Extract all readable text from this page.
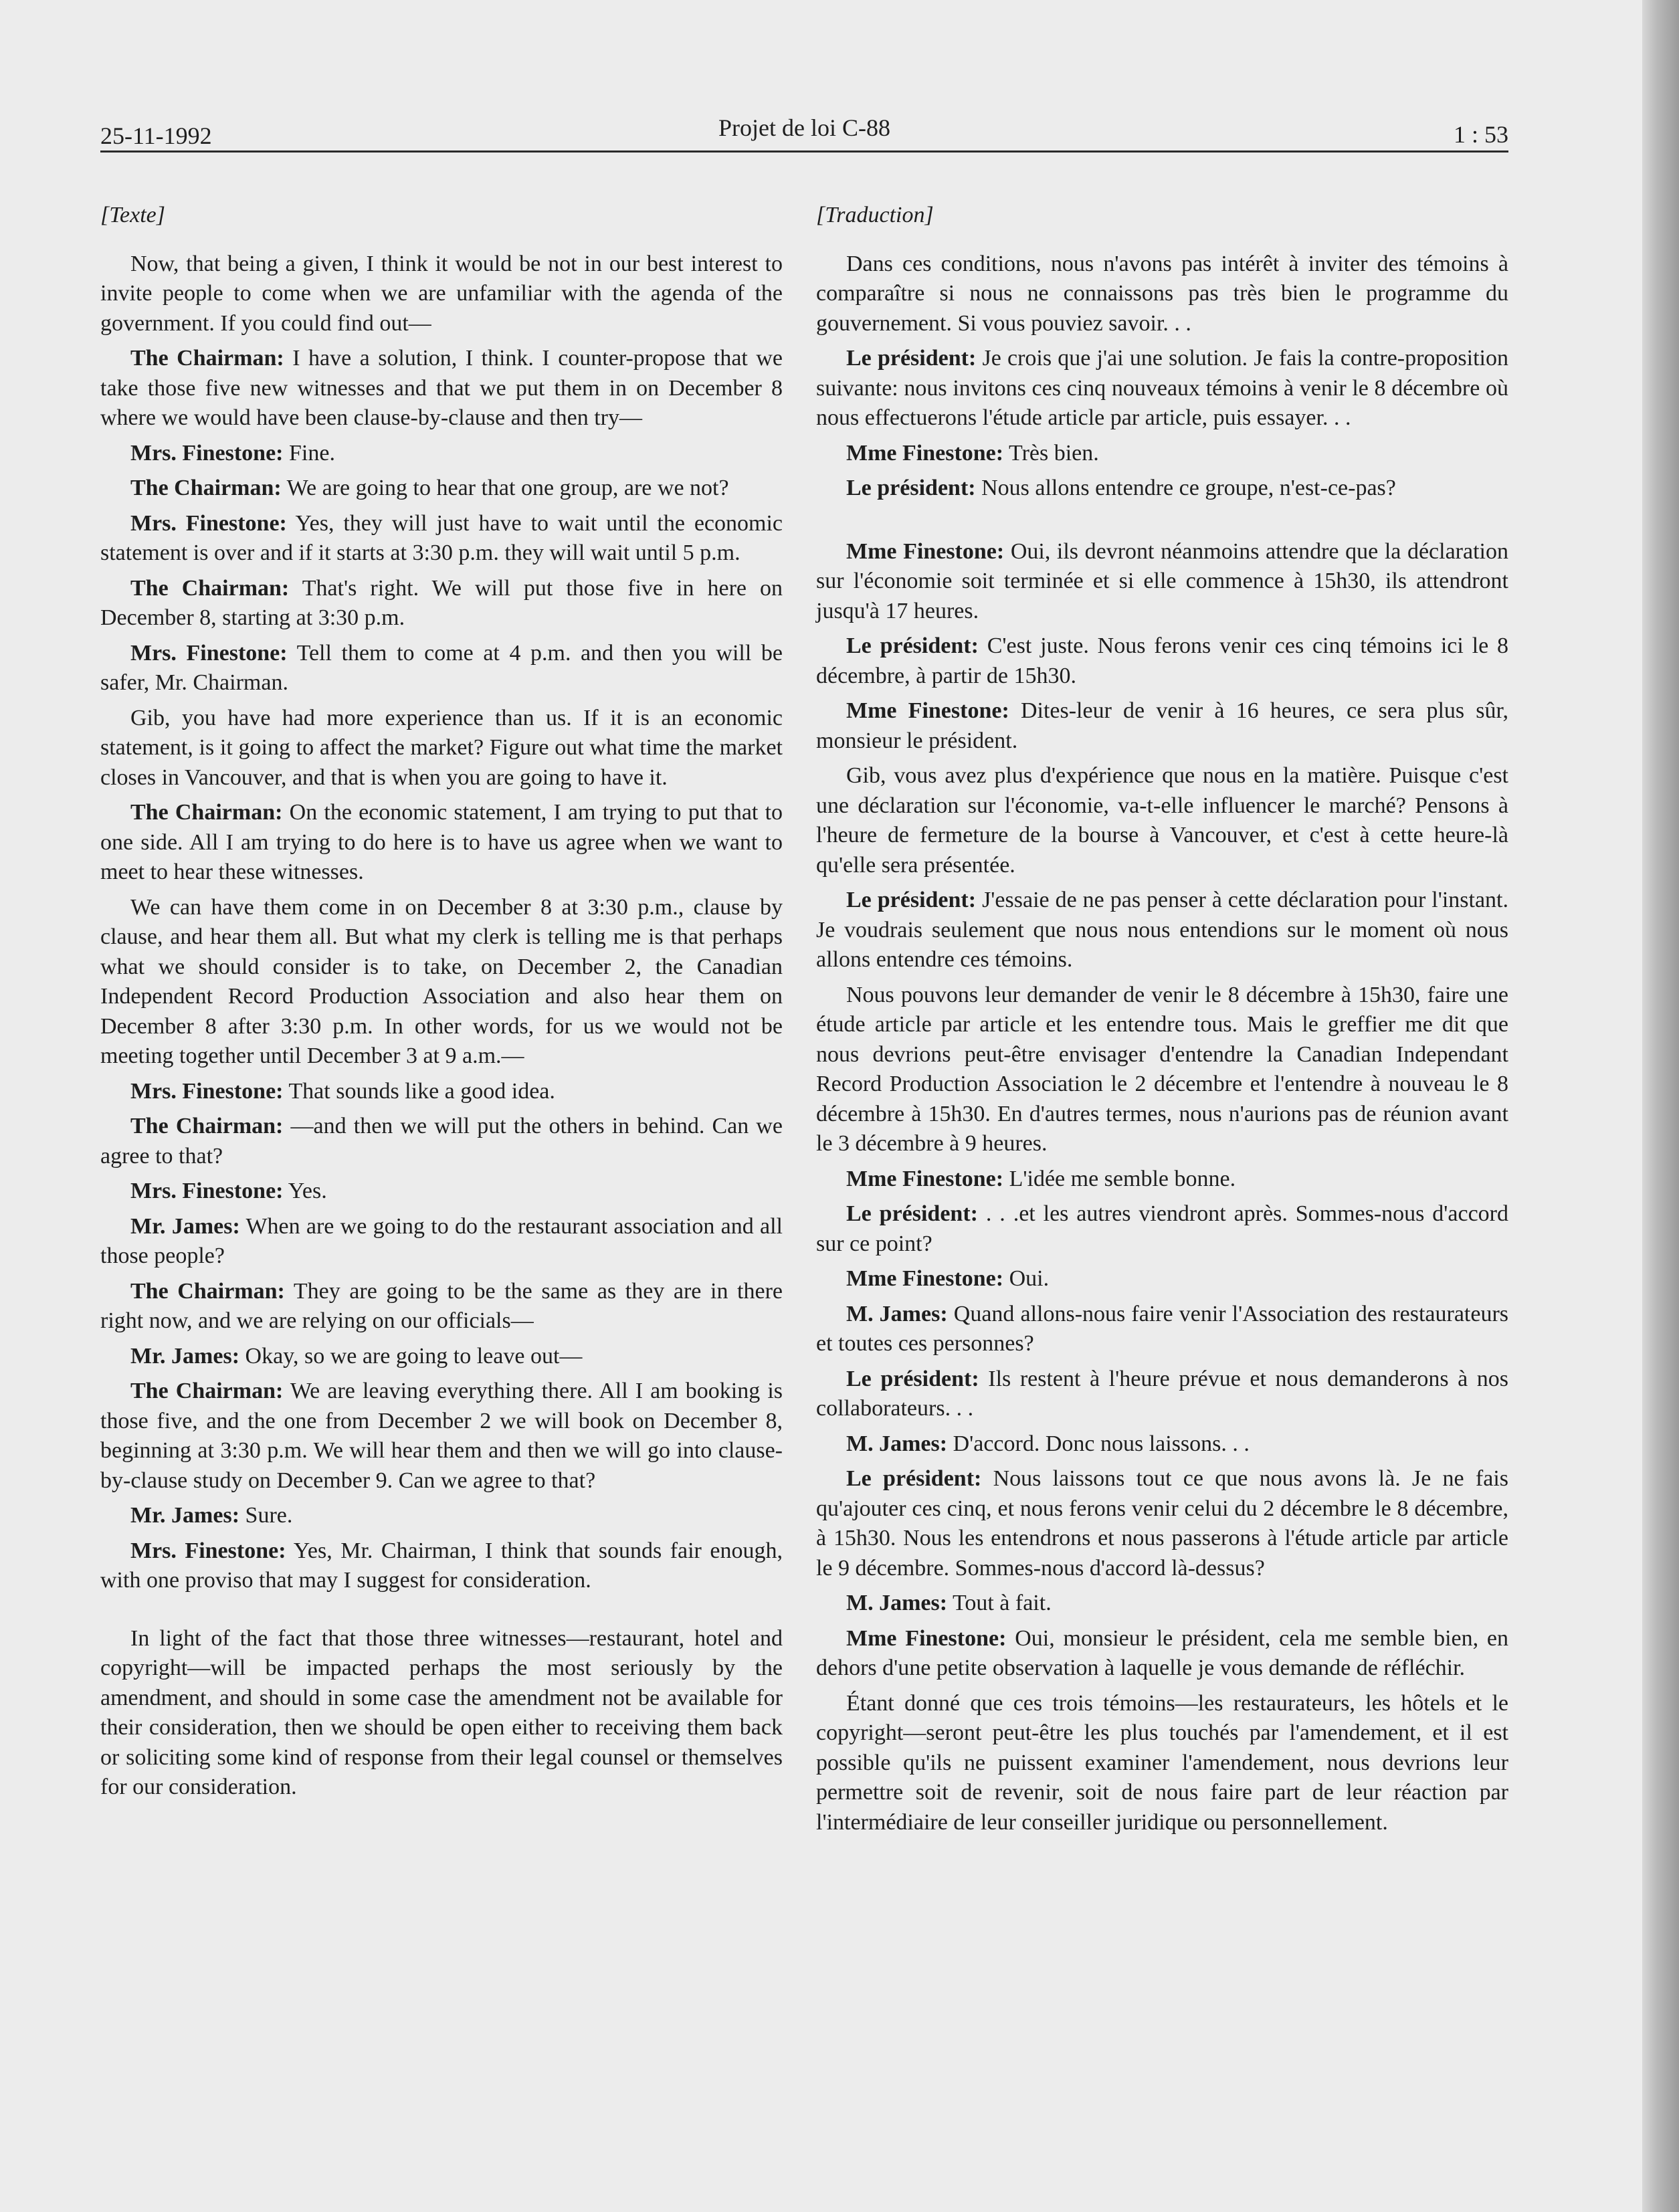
25-11-1992	Projet de loi C-88	1 : 53
[Texte]

Now, that being a given, I think it would be not in our best interest to invite people to come when we are unfamiliar with the agenda of the government. If you could find out—

The Chairman: I have a solution, I think. I counter-propose that we take those five new witnesses and that we put them in on December 8 where we would have been clause-by-clause and then try—

Mrs. Finestone: Fine.

The Chairman: We are going to hear that one group, are we not?

Mrs. Finestone: Yes, they will just have to wait until the economic statement is over and if it starts at 3:30 p.m. they will wait until 5 p.m.

The Chairman: That's right. We will put those five in here on December 8, starting at 3:30 p.m.

Mrs. Finestone: Tell them to come at 4 p.m. and then you will be safer, Mr. Chairman.

Gib, you have had more experience than us. If it is an economic statement, is it going to affect the market? Figure out what time the market closes in Vancouver, and that is when you are going to have it.

The Chairman: On the economic statement, I am trying to put that to one side. All I am trying to do here is to have us agree when we want to meet to hear these witnesses.

We can have them come in on December 8 at 3:30 p.m., clause by clause, and hear them all. But what my clerk is telling me is that perhaps what we should consider is to take, on December 2, the Canadian Independent Record Production Association and also hear them on December 8 after 3:30 p.m. In other words, for us we would not be meeting together until December 3 at 9 a.m.—

Mrs. Finestone: That sounds like a good idea.

The Chairman: —and then we will put the others in behind. Can we agree to that?

Mrs. Finestone: Yes.

Mr. James: When are we going to do the restaurant association and all those people?

The Chairman: They are going to be the same as they are in there right now, and we are relying on our officials—

Mr. James: Okay, so we are going to leave out—

The Chairman: We are leaving everything there. All I am booking is those five, and the one from December 2 we will book on December 8, beginning at 3:30 p.m. We will hear them and then we will go into clause-by-clause study on December 9. Can we agree to that?

Mr. James: Sure.

Mrs. Finestone: Yes, Mr. Chairman, I think that sounds fair enough, with one proviso that may I suggest for consideration.

In light of the fact that those three witnesses—restaurant, hotel and copyright—will be impacted perhaps the most seriously by the amendment, and should in some case the amendment not be available for their consideration, then we should be open either to receiving them back or soliciting some kind of response from their legal counsel or themselves for our consideration.

[Traduction]

Dans ces conditions, nous n'avons pas intérêt à inviter des témoins à comparaître si nous ne connaissons pas très bien le programme du gouvernement. Si vous pouviez savoir. . .

Le président: Je crois que j'ai une solution. Je fais la contre-proposition suivante: nous invitons ces cinq nouveaux témoins à venir le 8 décembre où nous effectuerons l'étude article par article, puis essayer. . .

Mme Finestone: Très bien.

Le président: Nous allons entendre ce groupe, n'est-ce-pas?

Mme Finestone: Oui, ils devront néanmoins attendre que la déclaration sur l'économie soit terminée et si elle commence à 15h30, ils attendront jusqu'à 17 heures.

Le président: C'est juste. Nous ferons venir ces cinq témoins ici le 8 décembre, à partir de 15h30.

Mme Finestone: Dites-leur de venir à 16 heures, ce sera plus sûr, monsieur le président.

Gib, vous avez plus d'expérience que nous en la matière. Puisque c'est une déclaration sur l'économie, va-t-elle influencer le marché? Pensons à l'heure de fermeture de la bourse à Vancouver, et c'est à cette heure-là qu'elle sera présentée.

Le président: J'essaie de ne pas penser à cette déclaration pour l'instant. Je voudrais seulement que nous nous entendions sur le moment où nous allons entendre ces témoins.

Nous pouvons leur demander de venir le 8 décembre à 15h30, faire une étude article par article et les entendre tous. Mais le greffier me dit que nous devrions peut-être envisager d'entendre la Canadian Independant Record Production Association le 2 décembre et l'entendre à nouveau le 8 décembre à 15h30. En d'autres termes, nous n'aurions pas de réunion avant le 3 décembre à 9 heures.

Mme Finestone: L'idée me semble bonne.

Le président: . . .et les autres viendront après. Sommes-nous d'accord sur ce point?

Mme Finestone: Oui.

M. James: Quand allons-nous faire venir l'Association des restaurateurs et toutes ces personnes?

Le président: Ils restent à l'heure prévue et nous demanderons à nos collaborateurs. . .

M. James: D'accord. Donc nous laissons. . .

Le président: Nous laissons tout ce que nous avons là. Je ne fais qu'ajouter ces cinq, et nous ferons venir celui du 2 décembre le 8 décembre, à 15h30. Nous les entendrons et nous passerons à l'étude article par article le 9 décembre. Sommes-nous d'accord là-dessus?

M. James: Tout à fait.

Mme Finestone: Oui, monsieur le président, cela me semble bien, en dehors d'une petite observation à laquelle je vous demande de réfléchir.

Étant donné que ces trois témoins—les restaurateurs, les hôtels et le copyright—seront peut-être les plus touchés par l'amendement, et il est possible qu'ils ne puissent examiner l'amendement, nous devrions leur permettre soit de revenir, soit de nous faire part de leur réaction par l'intermédiaire de leur conseiller juridique ou personnellement.
